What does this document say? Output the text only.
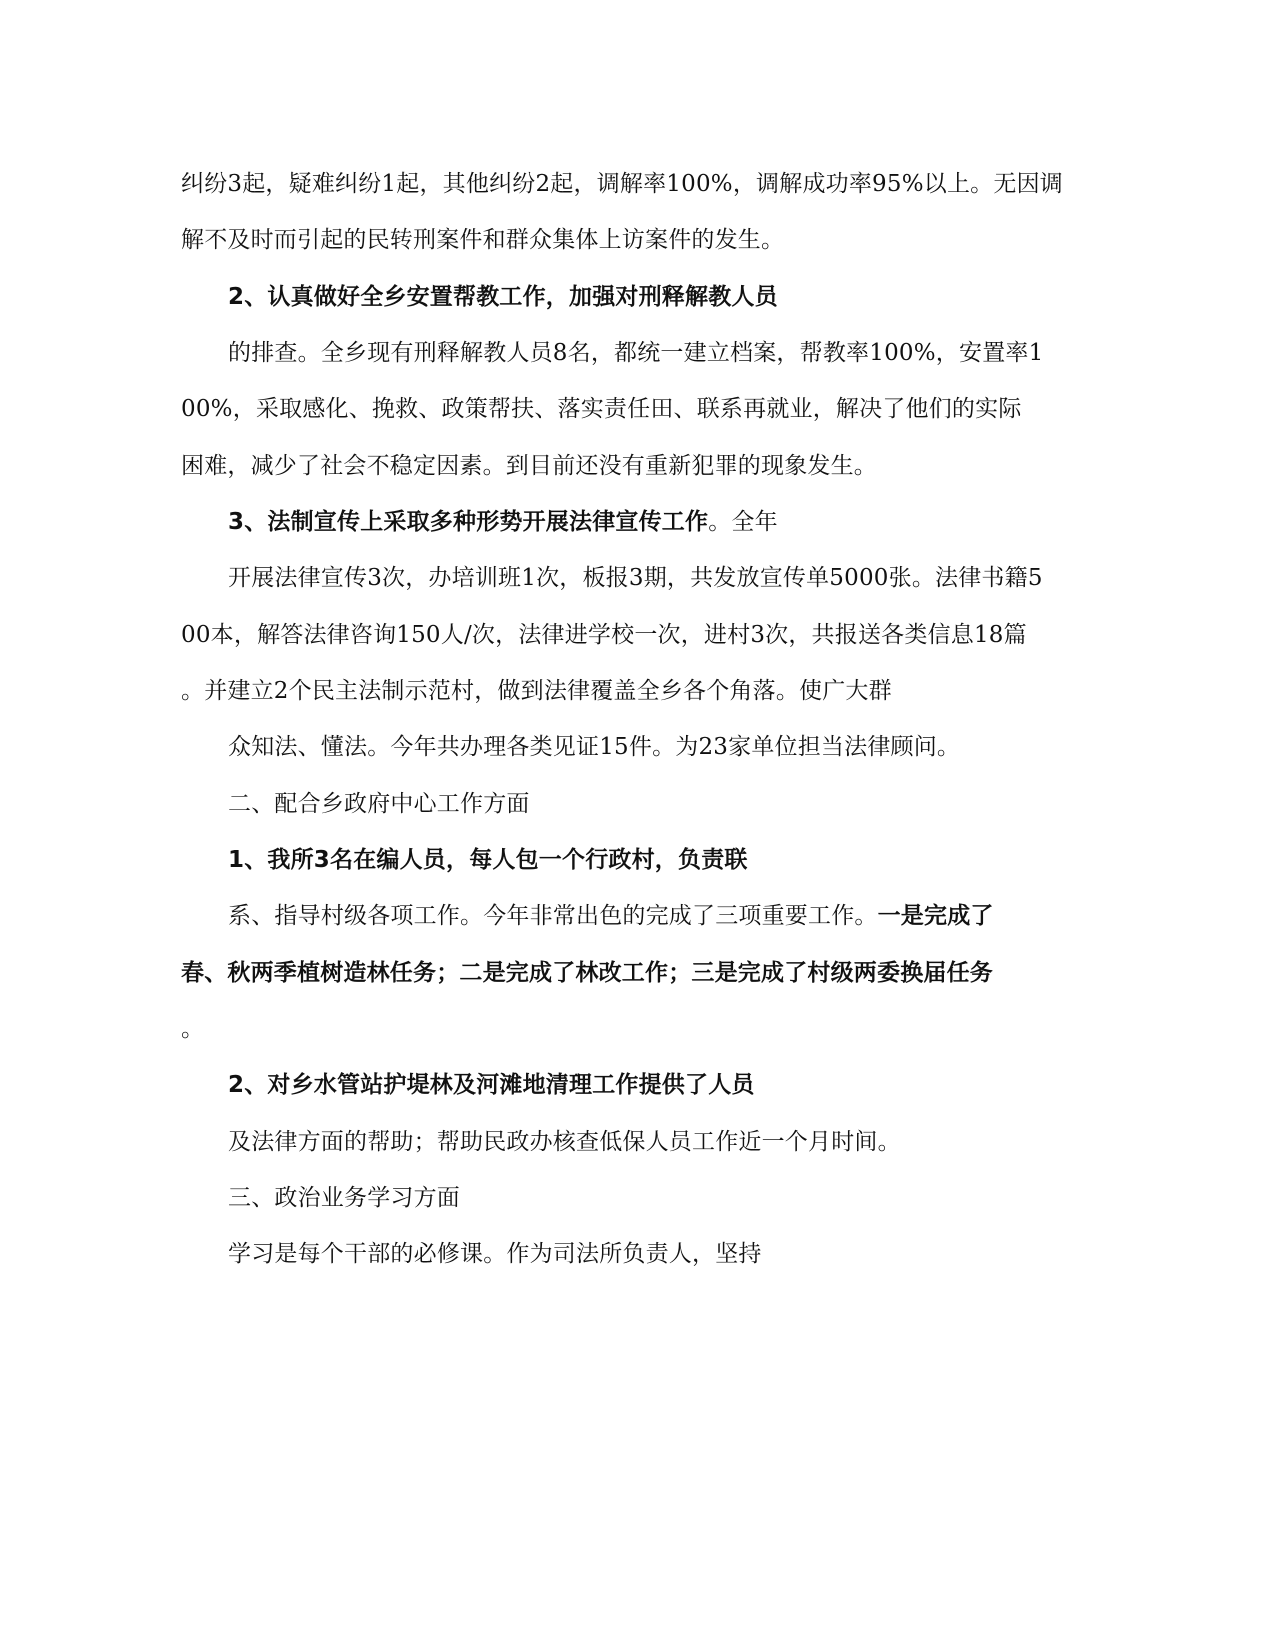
纠纷3起，疑难纠纷1起，其他纠纷2起，调解率100%，调解成功率95%以上。无因调
解不及时而引起的民转刑案件和群众集体上访案件的发生。
2、认真做好全乡安置帮教工作，加强对刑释解教人员
的排查。全乡现有刑释解教人员8名，都统一建立档案，帮教率100%，安置率1
00%，采取感化、挽救、政策帮扶、落实责任田、联系再就业，解决了他们的实际
困难，减少了社会不稳定因素。到目前还没有重新犯罪的现象发生。
3、法制宣传上采取多种形势开展法律宣传工作。全年
开展法律宣传3次，办培训班1次，板报3期，共发放宣传单5000张。法律书籍5
00本，解答法律咨询150人/次，法律进学校一次，进村3次，共报送各类信息18篇
。并建立2个民主法制示范村，做到法律覆盖全乡各个角落。使广大群
众知法、懂法。今年共办理各类见证15件。为23家单位担当法律顾问。
二、配合乡政府中心工作方面
1、我所3名在编人员，每人包一个行政村，负责联
系、指导村级各项工作。今年非常出色的完成了三项重要工作。一是完成了
春、秋两季植树造林任务；二是完成了林改工作；三是完成了村级两委换届任务
。
2、对乡水管站护堤林及河滩地清理工作提供了人员
及法律方面的帮助；帮助民政办核查低保人员工作近一个月时间。
三、政治业务学习方面
学习是每个干部的必修课。作为司法所负责人，坚持
